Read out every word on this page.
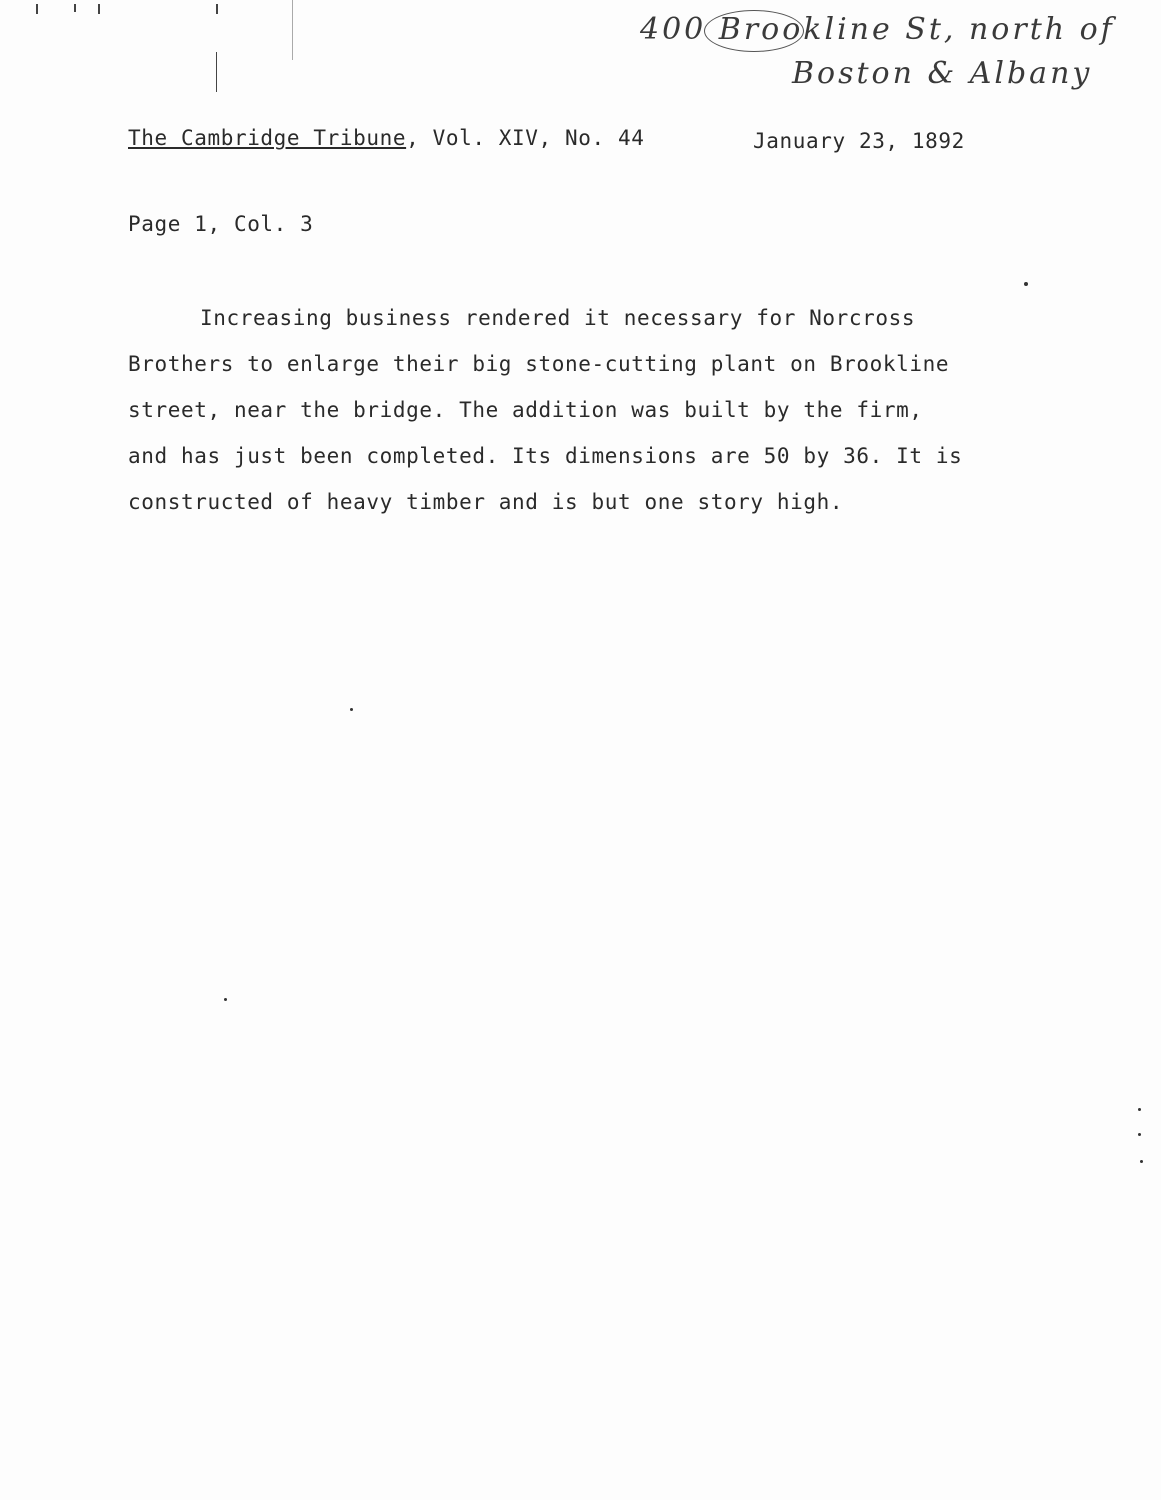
400 Brookline St, north of
Boston & Albany
The Cambridge Tribune, Vol. XIV, No. 44	January 23, 1892
Page 1, Col. 3
Increasing business rendered it necessary for Norcross
Brothers to enlarge their big stone-cutting plant on Brookline
street, near the bridge. The addition was built by the firm,
and has just been completed. Its dimensions are 50 by 36. It is
constructed of heavy timber and is but one story high.
